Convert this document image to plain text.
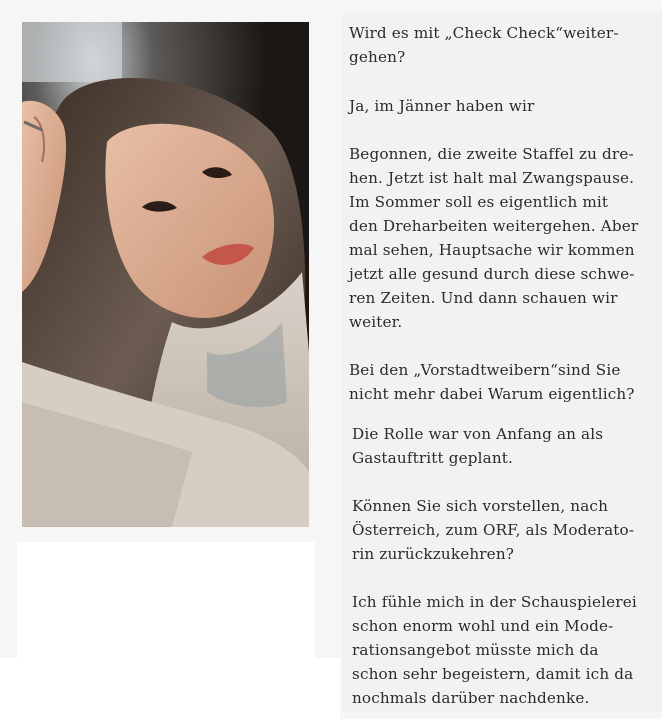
Wird es mit „Check Check“weiter-
gehen?

Ja, im Jänner haben wir

Begonnen, die zweite Staffel zu dre-
hen. Jetzt ist halt mal Zwangspause.
Im Sommer soll es eigentlich mit
den Dreharbeiten weitergehen. Aber
mal sehen, Hauptsache wir kommen
jetzt alle gesund durch diese schwe-
ren Zeiten. Und dann schauen wir
weiter.

Bei den „Vorstadtweibern“sind Sie
nicht mehr dabei Warum eigentlich?

Die Rolle war von Anfang an als
Gastauftritt geplant.

Können Sie sich vorstellen, nach
Österreich, zum ORF, als Moderato-
rin zurückzukehren?

Ich fühle mich in der Schauspielerei
schon enorm wohl und ein Mode-
rationsangebot müsste mich da
schon sehr begeistern, damit ich da
nochmals darüber nachdenke.
